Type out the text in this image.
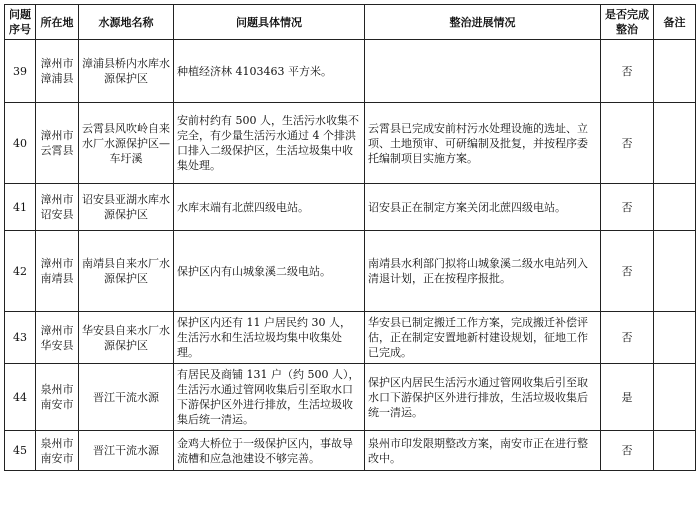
问题序号	所在地	水源地名称	问题具体情况	整治进展情况	是否完成整治	备注
39	漳州市漳浦县	漳浦县桥内水库水源保护区	种植经济林 4103463 平方米。		否	
40	漳州市云霄县	云霄县风吹岭自来水厂水源保护区—车圩溪	安前村约有 500 人，生活污水收集不完全，有少量生活污水通过 4 个排洪口排入二级保护区，生活垃圾集中收集处理。	云霄县已完成安前村污水处理设施的选址、立项、土地预审、可研编制及批复，并按程序委托编制项目实施方案。	否	
41	漳州市诏安县	诏安县亚湖水库水源保护区	水库末端有北蔗四级电站。	诏安县正在制定方案关闭北蔗四级电站。	否	
42	漳州市南靖县	南靖县自来水厂水源保护区	保护区内有山城象溪二级电站。	南靖县水利部门拟将山城象溪二级水电站列入清退计划，正在按程序报批。	否	
43	漳州市华安县	华安县自来水厂水源保护区	保护区内还有 11 户居民约 30 人，生活污水和生活垃圾均集中收集处理。	华安县已制定搬迁工作方案，完成搬迁补偿评估，正在制定安置地新村建设规划，征地工作已完成。	否	
44	泉州市南安市	晋江干流水源	有居民及商铺 131 户（约 500 人），生活污水通过管网收集后引至取水口下游保护区外进行排放，生活垃圾收集后统一清运。	保护区内居民生活污水通过管网收集后引至取水口下游保护区外进行排放，生活垃圾收集后统一清运。	是	
45	泉州市南安市	晋江干流水源	金鸡大桥位于一级保护区内，事故导流槽和应急池建设不够完善。	泉州市印发限期整改方案，南安市正在进行整改中。	否	
